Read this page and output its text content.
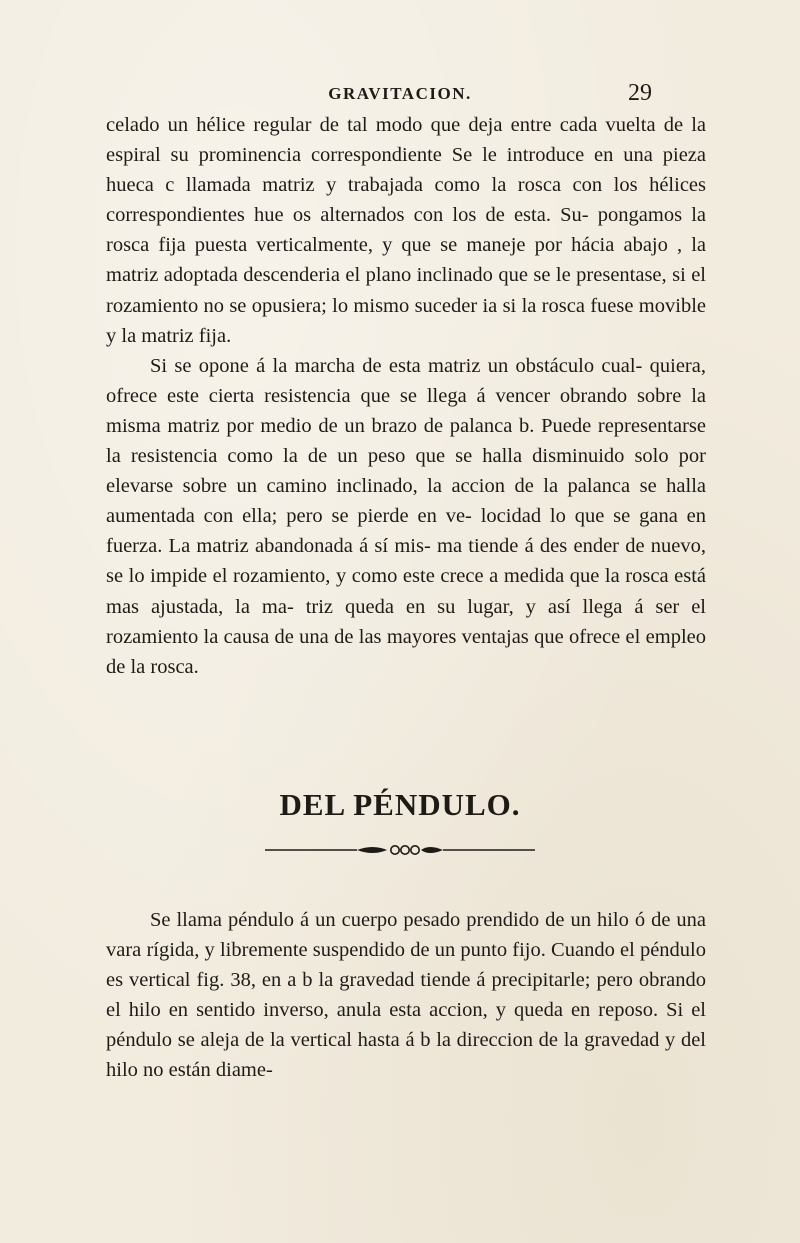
GRAVITACION.	29

celado un hélice regular de tal modo que deja entre cada vuelta de la espiral su prominencia correspondiente Se le introduce en una pieza hueca c llamada matriz y trabajada como la rosca con los hélices correspondientes hue os alternados con los de esta. Su- pongamos la rosca fija puesta verticalmente, y que se maneje por hácia abajo , la matriz adoptada descenderia el plano inclinado que se le presentase, si el rozamiento no se opusiera; lo mismo suceder ia si la rosca fuese movible y la matriz fija.

Si se opone á la marcha de esta matriz un obstáculo cual- quiera, ofrece este cierta resistencia que se llega á vencer obrando sobre la misma matriz por medio de un brazo de palanca b. Puede representarse la resistencia como la de un peso que se halla disminuido solo por elevarse sobre un camino inclinado, la accion de la palanca se halla aumentada con ella; pero se pierde en ve- locidad lo que se gana en fuerza. La matriz abandonada á sí mis- ma tiende á des ender de nuevo, se lo impide el rozamiento, y como este crece a medida que la rosca está mas ajustada, la ma- triz queda en su lugar, y así llega á ser el rozamiento la causa de una de las mayores ventajas que ofrece el empleo de la rosca.

DEL PÉNDULO.

Se llama péndulo á un cuerpo pesado prendido de un hilo ó de una vara rígida, y libremente suspendido de un punto fijo. Cuando el péndulo es vertical fig. 38, en a b la gravedad tiende á precipitarle; pero obrando el hilo en sentido inverso, anula esta accion, y queda en reposo. Si el péndulo se aleja de la vertical hasta á b la direccion de la gravedad y del hilo no están diame-
